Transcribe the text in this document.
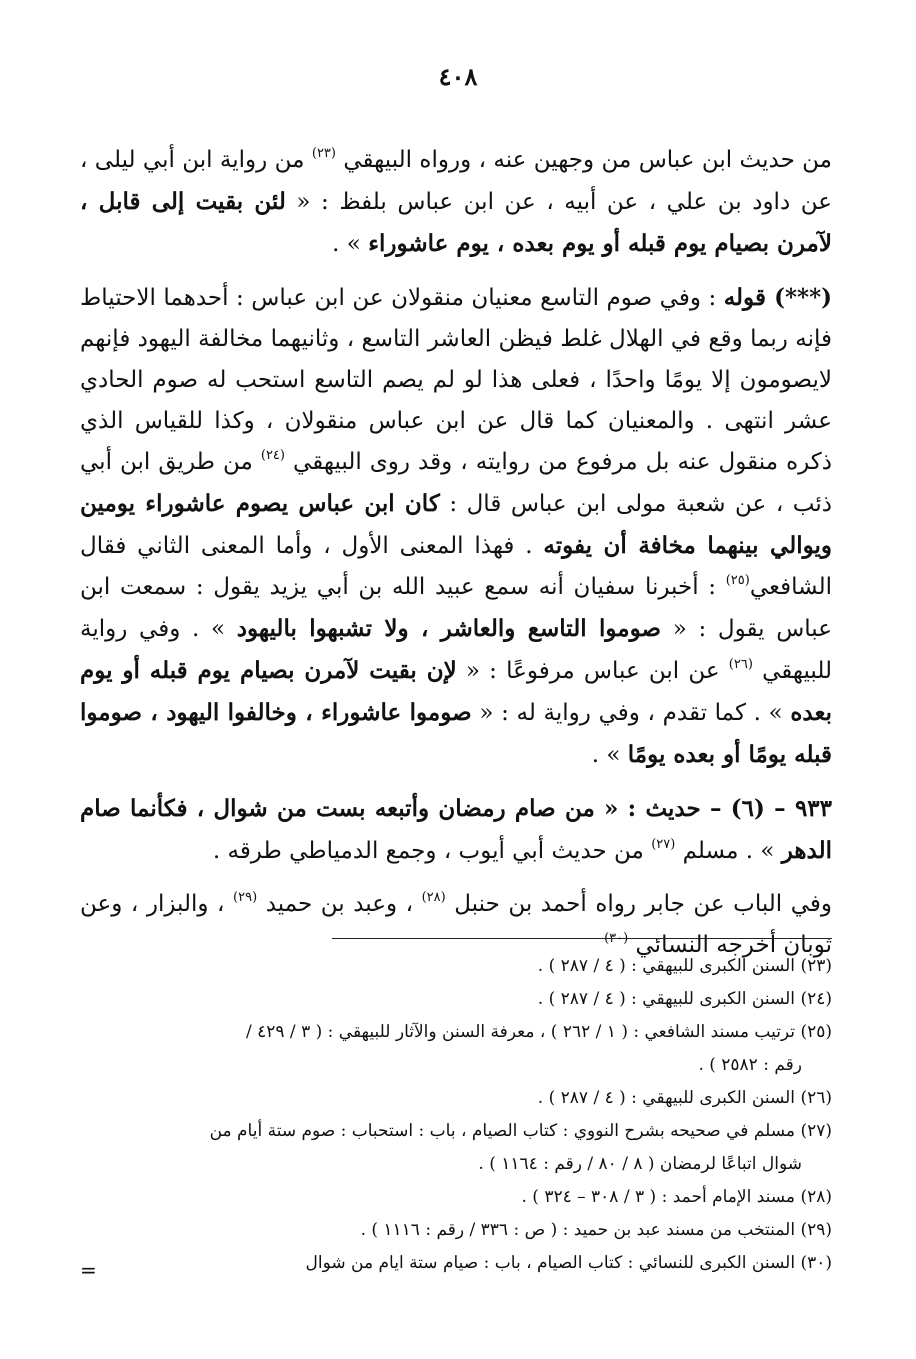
٤٠٨

من حديث ابن عباس من وجهين عنه ، ورواه البيهقي $^{(٢٣)}$ من رواية ابن أبي ليلى ، عن داود بن علي ، عن أبيه ، عن ابن عباس بلفظ : « لئن بقيت إلى قابل ، لآمرن بصيام يوم قبله أو يوم بعده ، يوم عاشوراء » .

(***) قوله : وفي صوم التاسع معنيان منقولان عن ابن عباس : أحدهما الاحتياط فإنه ربما وقع في الهلال غلط فيظن العاشر التاسع ، وثانيهما مخالفة اليهود فإنهم لايصومون إلا يومًا واحدًا ، فعلى هذا لو لم يصم التاسع استحب له صوم الحادي عشر انتهى . والمعنيان كما قال عن ابن عباس منقولان ، وكذا للقياس الذي ذكره منقول عنه بل مرفوع من روايته ، وقد روى البيهقي $^{(٢٤)}$ من طريق ابن أبي ذئب ، عن شعبة مولى ابن عباس قال : كان ابن عباس يصوم عاشوراء يومين ويوالي بينهما مخافة أن يفوته . فهذا المعنى الأول ، وأما المعنى الثاني فقال الشافعي$^{(٢٥)}$ : أخبرنا سفيان أنه سمع عبيد الله بن أبي يزيد يقول : سمعت ابن عباس يقول : « صوموا التاسع والعاشر ، ولا تشبهوا باليهود » . وفي رواية للبيهقي $^{(٢٦)}$ عن ابن عباس مرفوعًا : « لإن بقيت لآمرن بصيام يوم قبله أو يوم بعده » . كما تقدم ، وفي رواية له : « صوموا عاشوراء ، وخالفوا اليهود ، صوموا قبله يومًا أو بعده يومًا » .

٩٣٣ – (٦) – حديث : « من صام رمضان وأتبعه بست من شوال ، فكأنما صام الدهر » . مسلم $^{(٢٧)}$ من حديث أبي أيوب ، وجمع الدمياطي طرقه .

وفي الباب عن جابر رواه أحمد بن حنبل $^{(٢٨)}$ ، وعبد بن حميد $^{(٢٩)}$ ، والبزار ، وعن ثوبان أخرجه النسائي $^{(٣٠)}$

(٢٣) السنن الكبرى للبيهقي : ( ٤ / ٢٨٧ ) .
(٢٤) السنن الكبرى للبيهقي : ( ٤ / ٢٨٧ ) .
(٢٥) ترتيب مسند الشافعي : ( ١ / ٢٦٢ ) ، معرفة السنن والآثار للبيهقي : ( ٣ / ٤٢٩ /
رقم : ٢٥٨٢ ) .
(٢٦) السنن الكبرى للبيهقي : ( ٤ / ٢٨٧ ) .
(٢٧) مسلم في صحيحه بشرح النووي : كتاب الصيام ، باب : استحباب : صوم ستة أيام من
شوال اتباعًا لرمضان ( ٨ / ٨٠ / رقم : ١١٦٤ ) .
(٢٨) مسند الإمام أحمد : ( ٣ / ٣٠٨ – ٣٢٤ ) .
(٢٩) المنتخب من مسند عبد بن حميد : ( ص : ٣٣٦ / رقم : ١١١٦ ) .
(٣٠) السنن الكبرى للنسائي : كتاب الصيام ، باب : صيام ستة ايام من شوال
=
